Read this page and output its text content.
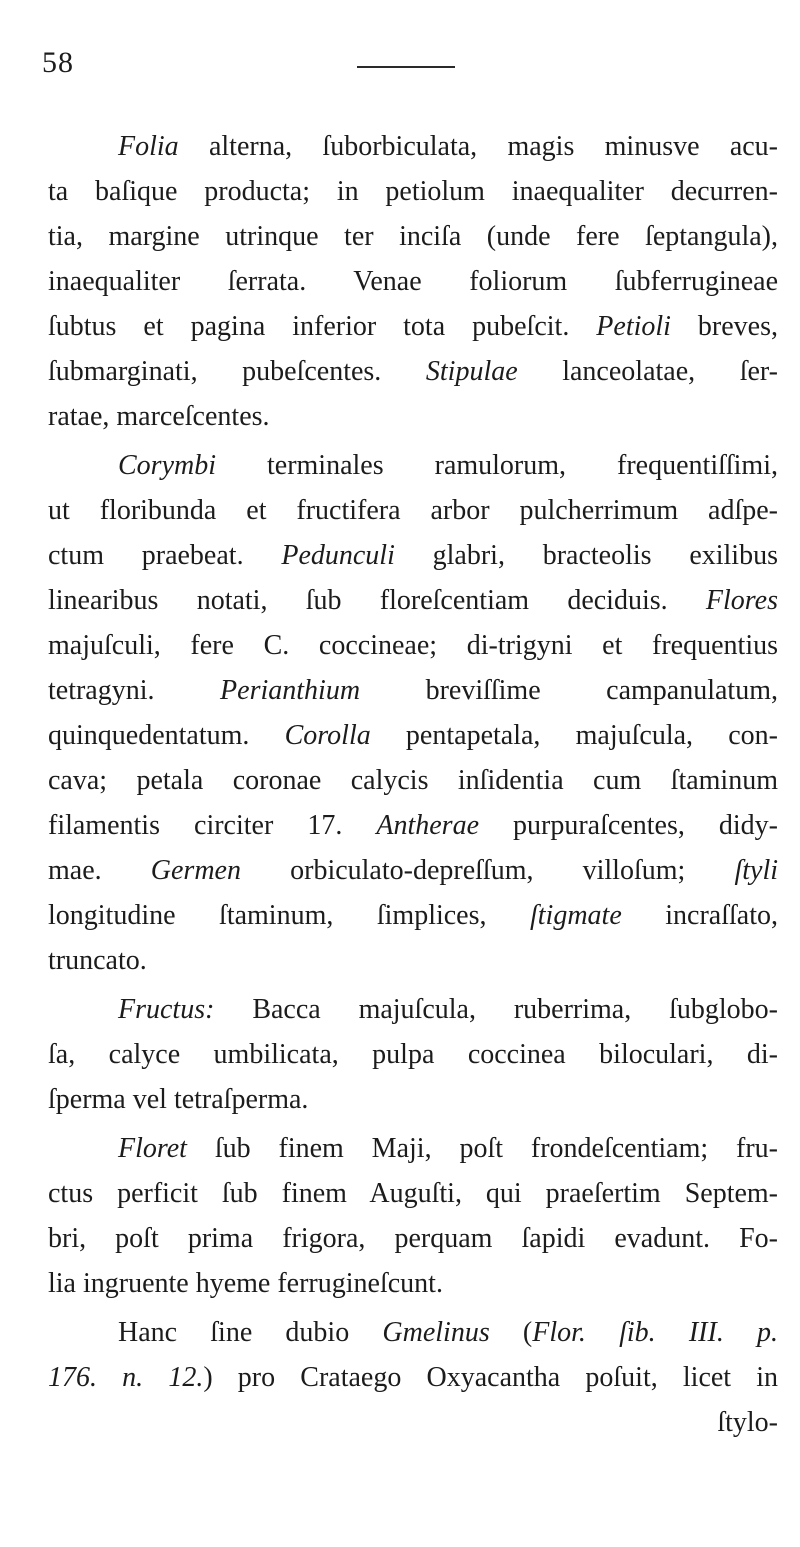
58
Folia alterna, ſuborbiculata, magis minusve acu-
ta baſique producta; in petiolum inaequaliter decurren-
tia, margine utrinque ter inciſa (unde fere ſeptangula),
inaequaliter ſerrata. Venae foliorum ſubferrugineae
ſubtus et pagina inferior tota pubeſcit. Petioli breves,
ſubmarginati, pubeſcentes. Stipulae lanceolatae, ſer-
ratae, marceſcentes.
Corymbi terminales ramulorum, frequentiſſimi,
ut floribunda et fructifera arbor pulcherrimum adſpe-
ctum praebeat. Pedunculi glabri, bracteolis exilibus
linearibus notati, ſub floreſcentiam deciduis. Flores
majuſculi, fere C. coccineae; di-trigyni et frequentius
tetragyni. Perianthium breviſſime campanulatum,
quinquedentatum. Corolla pentapetala, majuſcula, con-
cava; petala coronae calycis inſidentia cum ſtaminum
filamentis circiter 17. Antherae purpuraſcentes, didy-
mae. Germen orbiculato-depreſſum, villoſum; ſtyli
longitudine ſtaminum, ſimplices, ſtigmate incraſſato,
truncato.
Fructus: Bacca majuſcula, ruberrima, ſubglobo-
ſa, calyce umbilicata, pulpa coccinea biloculari, di-
ſperma vel tetraſperma.
Floret ſub finem Maji, poſt frondeſcentiam; fru-
ctus perficit ſub finem Auguſti, qui praeſertim Septem-
bri, poſt prima frigora, perquam ſapidi evadunt. Fo-
lia ingruente hyeme ferrugineſcunt.
Hanc ſine dubio Gmelinus (Flor. ſib. III. p.
176. n. 12.) pro Crataego Oxyacantha poſuit, licet in
ſtylo-
